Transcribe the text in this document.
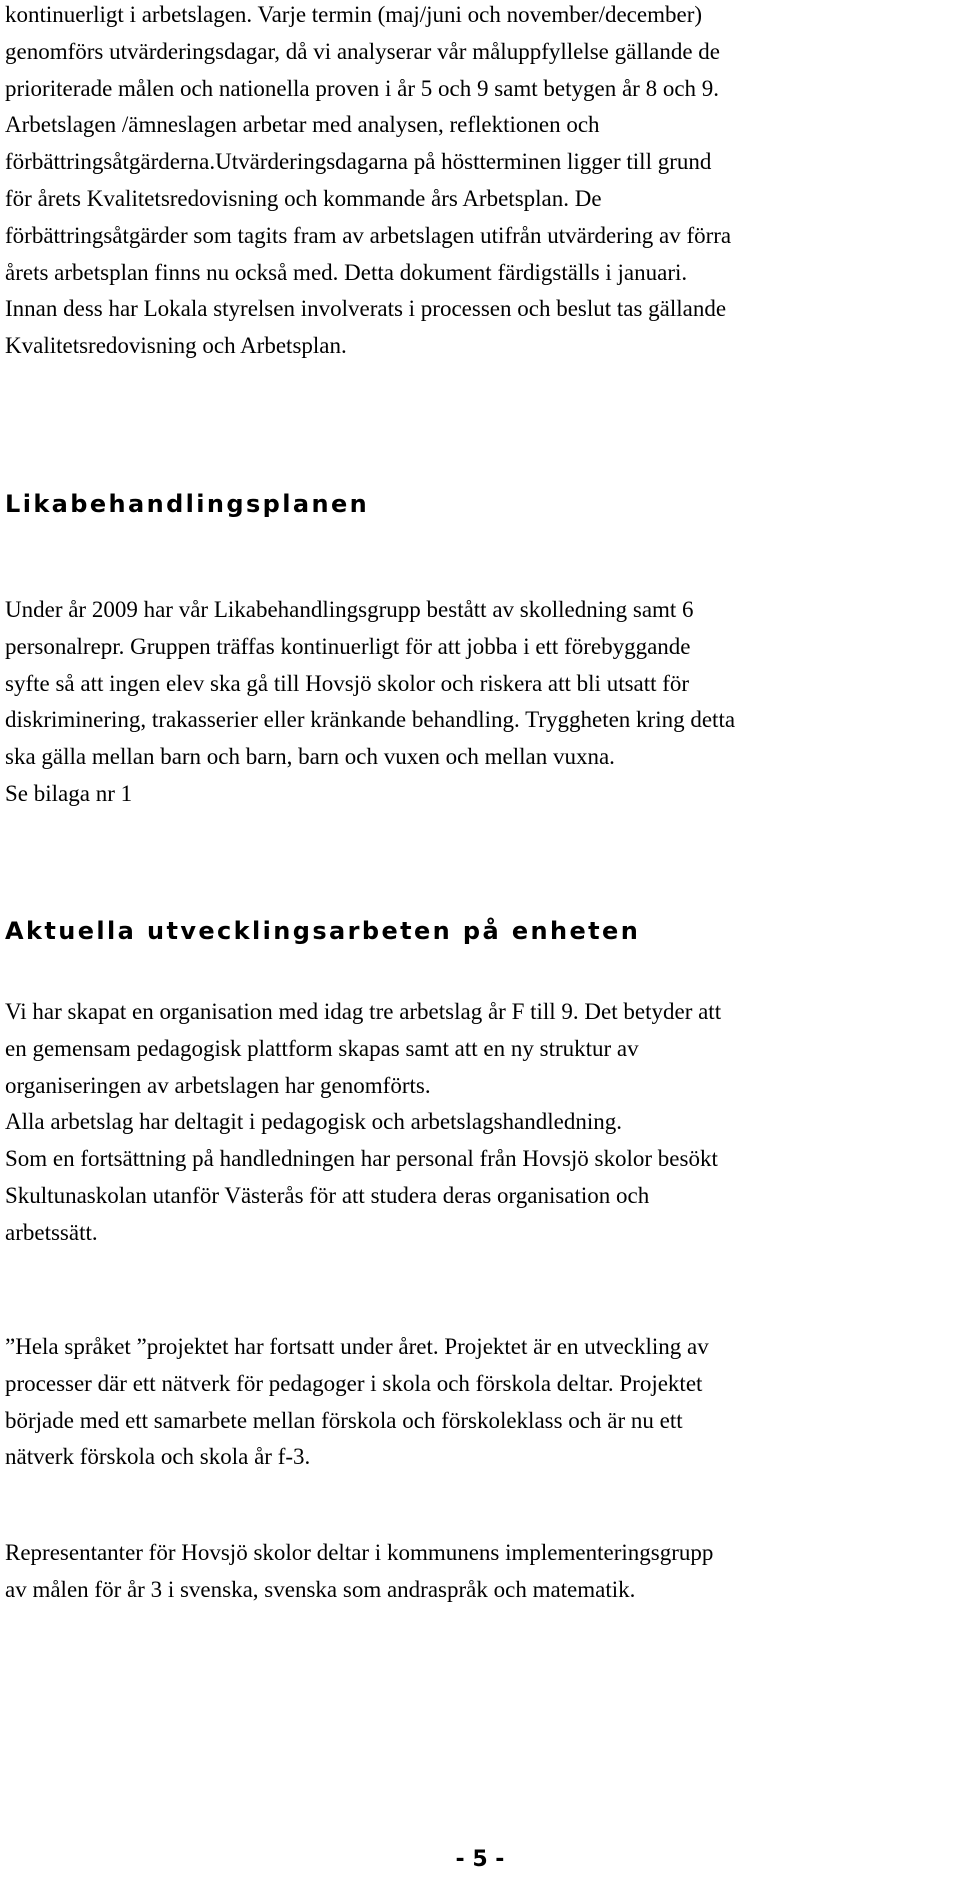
kontinuerligt i arbetslagen. Varje termin (maj/juni och november/december)
genomförs utvärderingsdagar, då vi analyserar vår måluppfyllelse gällande de
prioriterade målen och nationella proven i år 5 och 9 samt betygen år 8 och 9.
Arbetslagen /ämneslagen arbetar med analysen, reflektionen och
förbättringsåtgärderna.Utvärderingsdagarna på höstterminen ligger till grund
för årets Kvalitetsredovisning och kommande års Arbetsplan. De
förbättringsåtgärder som tagits fram av arbetslagen utifrån utvärdering av förra
årets arbetsplan finns nu också med. Detta dokument färdigställs i januari.
Innan dess har Lokala styrelsen involverats i processen och beslut tas gällande
Kvalitetsredovisning och Arbetsplan.
Likabehandlingsplanen
Under år 2009 har vår Likabehandlingsgrupp bestått av skolledning samt 6
personalrepr. Gruppen träffas kontinuerligt för att jobba i ett förebyggande
syfte så att ingen elev ska gå till Hovsjö skolor och riskera att bli utsatt för
diskriminering, trakasserier eller kränkande behandling. Tryggheten kring detta
ska gälla mellan barn och barn, barn och vuxen och mellan vuxna.
Se bilaga nr 1
Aktuella utvecklingsarbeten på enheten
Vi har skapat en organisation med idag tre arbetslag år F till 9. Det betyder att
en gemensam pedagogisk plattform skapas samt att en ny struktur av
organiseringen av arbetslagen har genomförts.
Alla arbetslag har deltagit i pedagogisk och arbetslagshandledning.
Som en fortsättning på handledningen har personal från Hovsjö skolor besökt
Skultunaskolan utanför Västerås för att studera deras organisation och
arbetssätt.
”Hela språket ”projektet har fortsatt under året. Projektet är en utveckling av
processer där ett nätverk för pedagoger i skola och förskola deltar. Projektet
började med ett samarbete mellan förskola och förskoleklass och är nu ett
nätverk förskola och skola år f-3.
Representanter för Hovsjö skolor deltar i kommunens implementeringsgrupp
av målen för år 3 i svenska, svenska som andraspråk och matematik.
- 5 -
